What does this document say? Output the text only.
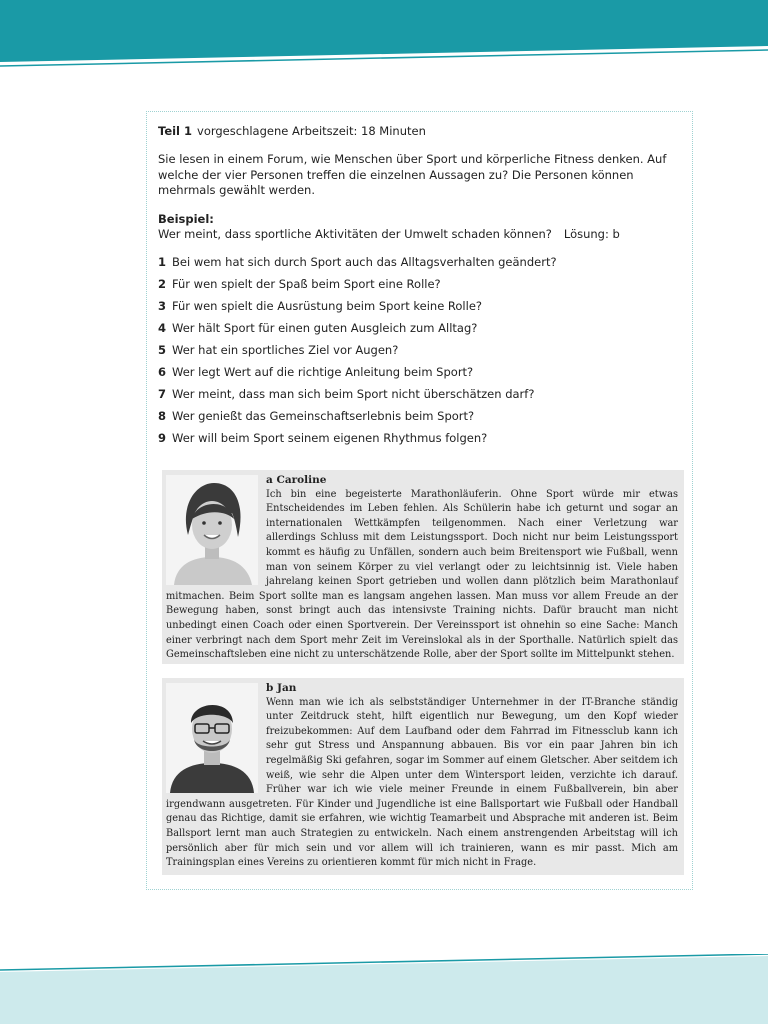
Teil 1 vorgeschlagene Arbeitszeit: 18 Minuten
Sie lesen in einem Forum, wie Menschen über Sport und körperliche Fitness denken. Auf welche der vier Personen treffen die einzelnen Aussagen zu? Die Personen können mehrmals gewählt werden.
Beispiel:
Wer meint, dass sportliche Aktivitäten der Umwelt schaden können? Lösung: b
1 Bei wem hat sich durch Sport auch das Alltagsverhalten geändert?
2 Für wen spielt der Spaß beim Sport eine Rolle?
3 Für wen spielt die Ausrüstung beim Sport keine Rolle?
4 Wer hält Sport für einen guten Ausgleich zum Alltag?
5 Wer hat ein sportliches Ziel vor Augen?
6 Wer legt Wert auf die richtige Anleitung beim Sport?
7 Wer meint, dass man sich beim Sport nicht überschätzen darf?
8 Wer genießt das Gemeinschaftserlebnis beim Sport?
9 Wer will beim Sport seinem eigenen Rhythmus folgen?
a Caroline
Ich bin eine begeisterte Marathonläuferin. Ohne Sport würde mir etwas Entscheidendes im Leben fehlen. Als Schülerin habe ich geturnt und sogar an internationalen Wettkämpfen teilgenommen. Nach einer Verletzung war allerdings Schluss mit dem Leistungssport. Doch nicht nur beim Leistungssport kommt es häufig zu Unfällen, sondern auch beim Breitensport wie Fußball, wenn man von seinem Körper zu viel verlangt oder zu leichtsinnig ist. Viele haben jahrelang keinen Sport getrieben und wollen dann plötzlich beim Marathonlauf mitmachen. Beim Sport sollte man es langsam angehen lassen. Man muss vor allem Freude an der Bewegung haben, sonst bringt auch das intensivste Training nichts. Dafür braucht man nicht unbedingt einen Coach oder einen Sportverein. Der Vereinssport ist ohnehin so eine Sache: Manch einer verbringt nach dem Sport mehr Zeit im Vereinslokal als in der Sporthalle. Natürlich spielt das Gemeinschaftsleben eine nicht zu unterschätzende Rolle, aber der Sport sollte im Mittelpunkt stehen.
b Jan
Wenn man wie ich als selbstständiger Unternehmer in der IT-Branche ständig unter Zeitdruck steht, hilft eigentlich nur Bewegung, um den Kopf wieder freizubekommen: Auf dem Laufband oder dem Fahrrad im Fitnessclub kann ich sehr gut Stress und Anspannung abbauen. Bis vor ein paar Jahren bin ich regelmäßig Ski gefahren, sogar im Sommer auf einem Gletscher. Aber seitdem ich weiß, wie sehr die Alpen unter dem Wintersport leiden, verzichte ich darauf. Früher war ich wie viele meiner Freunde in einem Fußballverein, bin aber irgendwann ausgetreten. Für Kinder und Jugendliche ist eine Ballsportart wie Fußball oder Handball genau das Richtige, damit sie erfahren, wie wichtig Teamarbeit und Absprache mit anderen ist. Beim Ballsport lernt man auch Strategien zu entwickeln. Nach einem anstrengenden Arbeitstag will ich persönlich aber für mich sein und vor allem will ich trainieren, wann es mir passt. Mich am Trainingsplan eines Vereins zu orientieren kommt für mich nicht in Frage.
